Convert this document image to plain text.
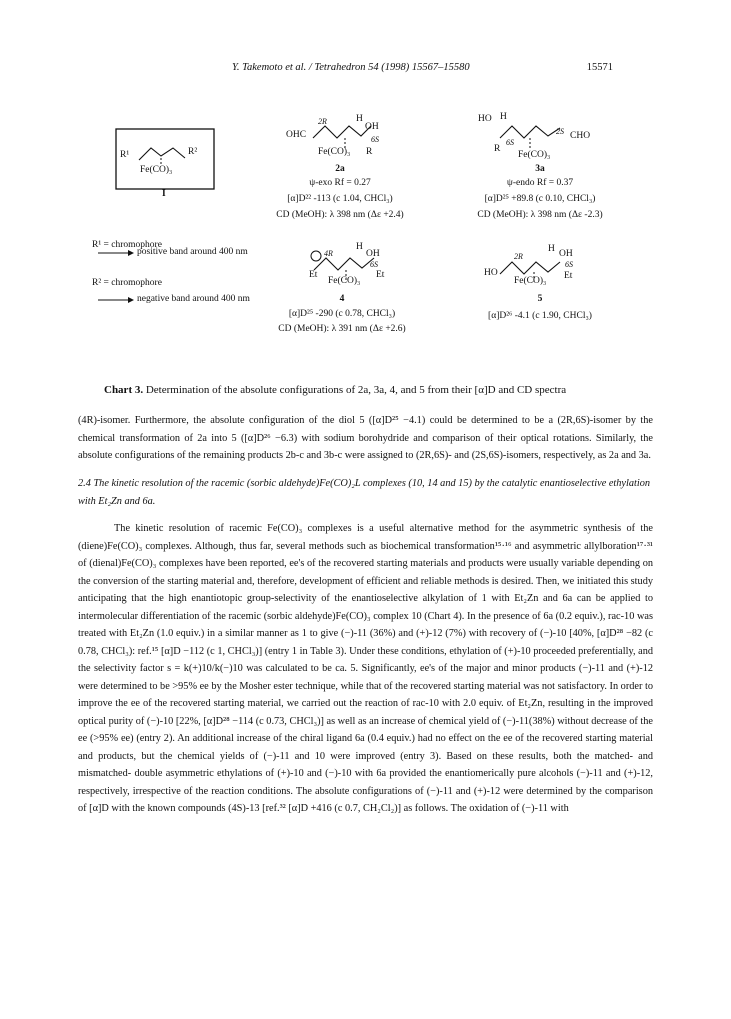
Y. Takemoto et al. / Tetrahedron 54 (1998) 15567–15580	15571
R¹	R²
Fe(CO)₃
I
R¹ = chromophore
positive band around 400 nm
R² = chromophore
negative band around 400 nm
OHC
H
OH
2R
6S
Fe(CO)₃ R
2a
ψ-exo Rf = 0.27
[α]D²² -113 (c 1.04, CHCl₃)
CD (MeOH): λ 398 nm (Δε +2.4)
HO H
CHO
2S
6S
R
Fe(CO)₃
3a
ψ-endo Rf = 0.37
[α]D²⁵ +89.8 (c 0.10, CHCl₃)
CD (MeOH): λ 398 nm (Δε -2.3)
H
OH
4R
6S
Et
Fe(CO)₃
Et
4
[α]D²⁵ -290 (c 0.78, CHCl₃)
CD (MeOH): λ 391 nm (Δε +2.6)
H OH
2R
6S
HO
Fe(CO)₃ Et
5
[α]D²⁶ -4.1 (c 1.90, CHCl₃)
Chart 3. Determination of the absolute configurations of 2a, 3a, 4, and 5 from their [α]D and CD spectra

(4R)-isomer. Furthermore, the absolute configuration of the diol 5 ([α]D²⁵ −4.1) could be determined to be a (2R,6S)-isomer by the chemical transformation of 2a into 5 ([α]D²⁶ −6.3) with sodium borohydride and comparison of their optical rotations. Similarly, the absolute configurations of the remaining products 2b-c and 3b-c were assigned to (2R,6S)- and (2S,6S)-isomers, respectively, as 2a and 3a.

2.4 The kinetic resolution of the racemic (sorbic aldehyde)Fe(CO)₂L complexes (10, 14 and 15) by the catalytic enantioselective ethylation with Et₂Zn and 6a.

The kinetic resolution of racemic Fe(CO)₃ complexes is a useful alternative method for the asymmetric synthesis of the (diene)Fe(CO)₃ complexes. Although, thus far, several methods such as biochemical transformation¹⁵·¹⁶ and asymmetric allylboration¹⁷·³¹ of (dienal)Fe(CO)₃ complexes have been reported, ee's of the recovered starting materials and products were usually variable depending on the conversion of the starting material and, therefore, development of efficient and reliable methods is desired. Then, we initiated this study anticipating that the high enantiotopic group-selectivity of the enantioselective alkylation of 1 with Et₂Zn and 6a can be applied to intermolecular differentiation of the racemic (sorbic aldehyde)Fe(CO)₃ complex 10 (Chart 4). In the presence of 6a (0.2 equiv.), rac-10 was treated with Et₂Zn (1.0 equiv.) in a similar manner as 1 to give (−)-11 (36%) and (+)-12 (7%) with recovery of (−)-10 [40%, [α]D²⁸ −82 (c 0.78, CHCl₃): ref.¹⁵ [α]D −112 (c 1, CHCl₃)] (entry 1 in Table 3). Under these conditions, ethylation of (+)-10 proceeded preferentially, and the selectivity factor s = k(+)10/k(−)10 was calculated to be ca. 5. Significantly, ee's of the major and minor products (−)-11 and (+)-12 were determined to be >95% ee by the Mosher ester technique, while that of the recovered starting material was not satisfactory. In order to improve the ee of the recovered starting material, we carried out the reaction of rac-10 with 2.0 equiv. of Et₂Zn, resulting in the improved optical purity of (−)-10 [22%, [α]D²⁸ −114 (c 0.73, CHCl₃)] as well as an increase of chemical yield of (−)-11(38%) without decrease of the ee (>95% ee) (entry 2). An additional increase of the chiral ligand 6a (0.4 equiv.) had no effect on the ee of the recovered starting material and products, but the chemical yields of (−)-11 and 10 were improved (entry 3). Based on these results, both the matched- and mismatched- double asymmetric ethylations of (+)-10 and (−)-10 with 6a provided the enantiomerically pure alcohols (−)-11 and (+)-12, respectively, irrespective of the reaction conditions. The absolute configurations of (−)-11 and (+)-12 were determined by the comparison of [α]D with the known compounds (4S)-13 [ref.³² [α]D +416 (c 0.7, CH₂Cl₂)] as follows. The oxidation of (−)-11 with
